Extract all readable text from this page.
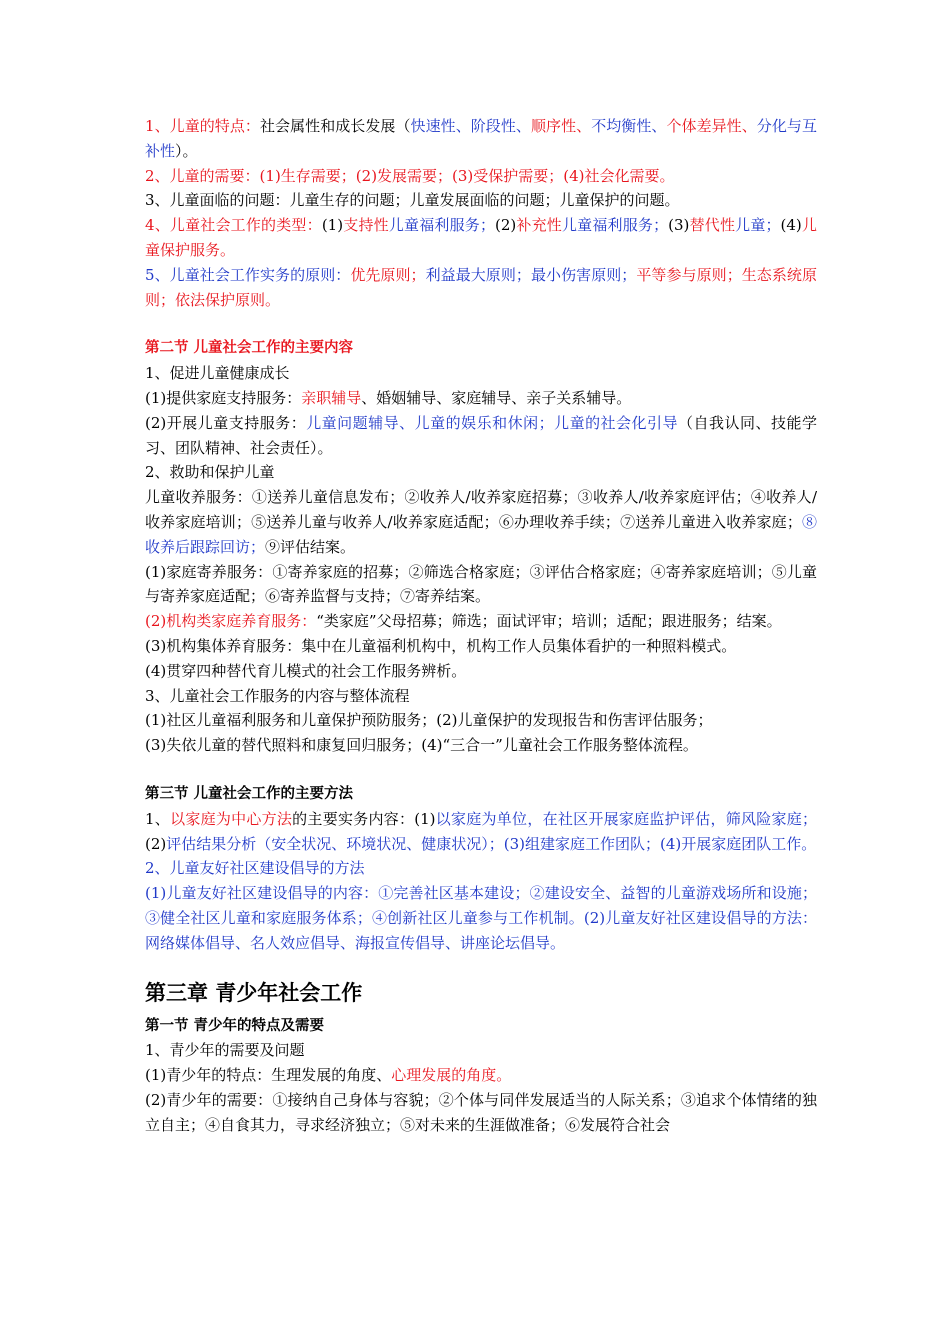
1、儿童的特点：社会属性和成长发展（快速性、阶段性、顺序性、不均衡性、个体差异性、分化与互补性）。

2、儿童的需要：(1)生存需要；(2)发展需要；(3)受保护需要；(4)社会化需要。

3、儿童面临的问题：儿童生存的问题；儿童发展面临的问题；儿童保护的问题。

4、儿童社会工作的类型：(1)支持性儿童福利服务；(2)补充性儿童福利服务；(3)替代性儿童；(4)儿童保护服务。

5、儿童社会工作实务的原则：优先原则；利益最大原则；最小伤害原则；平等参与原则；生态系统原则；依法保护原则。

第二节 儿童社会工作的主要内容

1、促进儿童健康成长

(1)提供家庭支持服务：亲职辅导、婚姻辅导、家庭辅导、亲子关系辅导。

(2)开展儿童支持服务：儿童问题辅导、儿童的娱乐和休闲；儿童的社会化引导（自我认同、技能学习、团队精神、社会责任）。

2、救助和保护儿童

儿童收养服务：①送养儿童信息发布；②收养人/收养家庭招募；③收养人/收养家庭评估；④收养人/收养家庭培训；⑤送养儿童与收养人/收养家庭适配；⑥办理收养手续；⑦送养儿童进入收养家庭；⑧收养后跟踪回访；⑨评估结案。

(1)家庭寄养服务：①寄养家庭的招募；②筛选合格家庭；③评估合格家庭；④寄养家庭培训；⑤儿童与寄养家庭适配；⑥寄养监督与支持；⑦寄养结案。

(2)机构类家庭养育服务：“类家庭”父母招募；筛选；面试评审；培训；适配；跟进服务；结案。

(3)机构集体养育服务：集中在儿童福利机构中，机构工作人员集体看护的一种照料模式。

(4)贯穿四种替代育儿模式的社会工作服务辨析。

3、儿童社会工作服务的内容与整体流程

(1)社区儿童福利服务和儿童保护预防服务；(2)儿童保护的发现报告和伤害评估服务；

(3)失依儿童的替代照料和康复回归服务；(4)“三合一”儿童社会工作服务整体流程。

第三节 儿童社会工作的主要方法

1、以家庭为中心方法的主要实务内容：(1)以家庭为单位，在社区开展家庭监护评估，筛风险家庭；(2)评估结果分析（安全状况、环境状况、健康状况）；(3)组建家庭工作团队；(4)开展家庭团队工作。

2、儿童友好社区建设倡导的方法

(1)儿童友好社区建设倡导的内容：①完善社区基本建设；②建设安全、益智的儿童游戏场所和设施；③健全社区儿童和家庭服务体系；④创新社区儿童参与工作机制。(2)儿童友好社区建设倡导的方法：网络媒体倡导、名人效应倡导、海报宣传倡导、讲座论坛倡导。

第三章 青少年社会工作

第一节 青少年的特点及需要

1、青少年的需要及问题

(1)青少年的特点：生理发展的角度、心理发展的角度。

(2)青少年的需要：①接纳自己身体与容貌；②个体与同伴发展适当的人际关系；③追求个体情绪的独立自主；④自食其力，寻求经济独立；⑤对未来的生涯做准备；⑥发展符合社会
